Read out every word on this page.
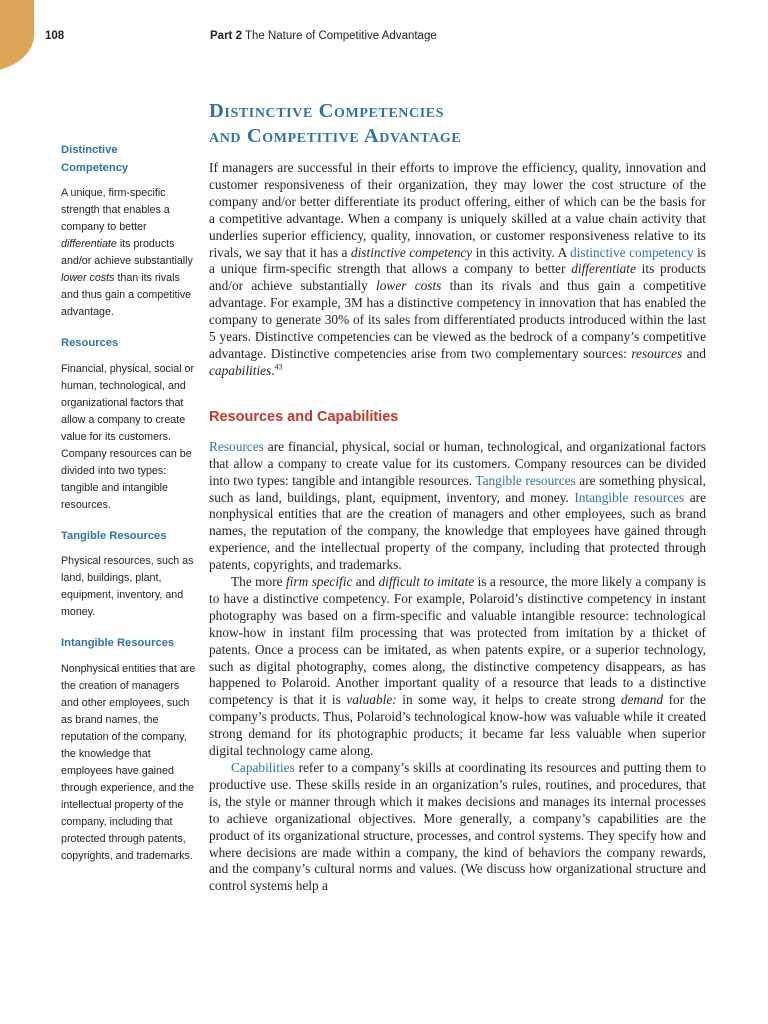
108	Part 2 The Nature of Competitive Advantage
Distinctive Competencies
and Competitive Advantage
Distinctive
Competency
A unique, firm-specific strength that enables a company to better differentiate its products and/or achieve substantially lower costs than its rivals and thus gain a competitive advantage.
Resources
Financial, physical, social or human, technological, and organizational factors that allow a company to create value for its customers. Company resources can be divided into two types: tangible and intangible resources.
Tangible Resources
Physical resources, such as land, buildings, plant, equipment, inventory, and money.
Intangible Resources
Nonphysical entities that are the creation of managers and other employees, such as brand names, the reputation of the company, the knowledge that employees have gained through experience, and the intellectual property of the company, including that protected through patents, copyrights, and trademarks.

If managers are successful in their efforts to improve the efficiency, quality, innovation and customer responsiveness of their organization, they may lower the cost structure of the company and/or better differentiate its product offering, either of which can be the basis for a competitive advantage. When a company is uniquely skilled at a value chain activity that underlies superior efficiency, quality, innovation, or customer responsiveness relative to its rivals, we say that it has a distinctive competency in this activity. A distinctive competency is a unique firm-specific strength that allows a company to better differentiate its products and/or achieve substantially lower costs than its rivals and thus gain a competitive advantage. For example, 3M has a distinctive competency in innovation that has enabled the company to generate 30% of its sales from differentiated products introduced within the last 5 years. Distinctive competencies can be viewed as the bedrock of a company’s competitive advantage. Distinctive competencies arise from two complementary sources: resources and capabilities.$^{43}$

Resources and Capabilities

Resources are financial, physical, social or human, technological, and organizational factors that allow a company to create value for its customers. Company resources can be divided into two types: tangible and intangible resources. Tangible resources are something physical, such as land, buildings, plant, equipment, inventory, and money. Intangible resources are nonphysical entities that are the creation of managers and other employees, such as brand names, the reputation of the company, the knowledge that employees have gained through experience, and the intellectual property of the company, including that protected through patents, copyrights, and trademarks.

The more firm specific and difficult to imitate is a resource, the more likely a company is to have a distinctive competency. For example, Polaroid’s distinctive competency in instant photography was based on a firm-specific and valuable intangible resource: technological know-how in instant film processing that was protected from imitation by a thicket of patents. Once a process can be imitated, as when patents expire, or a superior technology, such as digital photography, comes along, the distinctive competency disappears, as has happened to Polaroid. Another important quality of a resource that leads to a distinctive competency is that it is valuable: in some way, it helps to create strong demand for the company’s products. Thus, Polaroid’s technological know-how was valuable while it created strong demand for its photographic products; it became far less valuable when superior digital technology came along.

Capabilities refer to a company’s skills at coordinating its resources and putting them to productive use. These skills reside in an organization’s rules, routines, and procedures, that is, the style or manner through which it makes decisions and manages its internal processes to achieve organizational objectives. More generally, a company’s capabilities are the product of its organizational structure, processes, and control systems. They specify how and where decisions are made within a company, the kind of behaviors the company rewards, and the company’s cultural norms and values. (We discuss how organizational structure and control systems help a
